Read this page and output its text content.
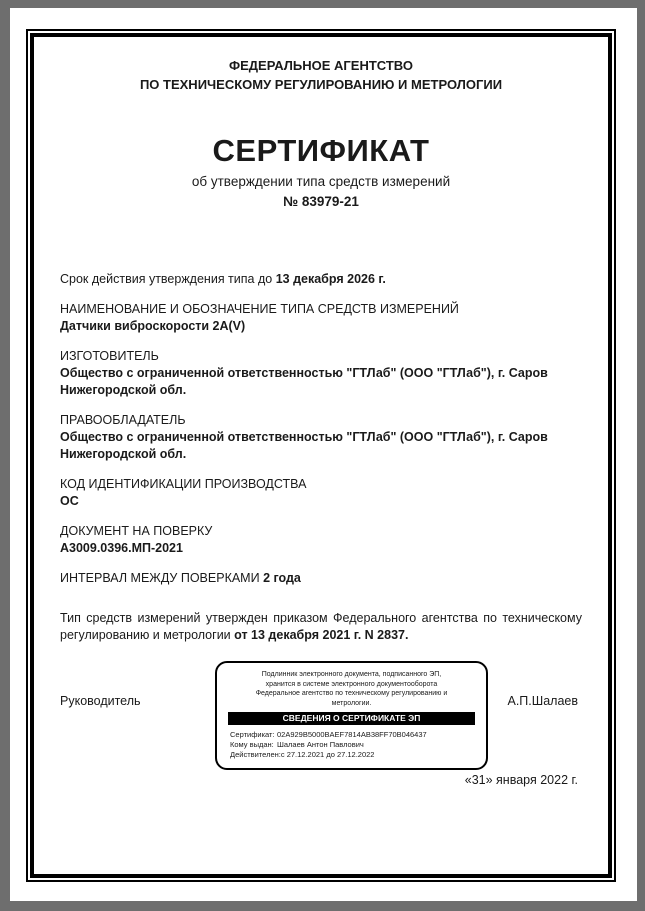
ФЕДЕРАЛЬНОЕ АГЕНТСТВО
ПО ТЕХНИЧЕСКОМУ РЕГУЛИРОВАНИЮ И МЕТРОЛОГИИ
СЕРТИФИКАТ
об утверждении типа средств измерений
№ 83979-21

Срок действия утверждения типа до 13 декабря 2026 г.

НАИМЕНОВАНИЕ И ОБОЗНАЧЕНИЕ ТИПА СРЕДСТВ ИЗМЕРЕНИЙ
Датчики виброскорости 2А(V)
ИЗГОТОВИТЕЛЬ
Общество с ограниченной ответственностью "ГТЛаб" (ООО "ГТЛаб"), г. Саров Нижегородской обл.
ПРАВООБЛАДАТЕЛЬ
Общество с ограниченной ответственностью "ГТЛаб" (ООО "ГТЛаб"), г. Саров Нижегородской обл.
КОД ИДЕНТИФИКАЦИИ ПРОИЗВОДСТВА
ОС
ДОКУМЕНТ НА ПОВЕРКУ
А3009.0396.МП-2021
ИНТЕРВАЛ МЕЖДУ ПОВЕРКАМИ 2 года

Тип средств измерений утвержден приказом Федерального агентства по техническому регулированию и метрологии от 13 декабря 2021 г. N 2837.

Руководитель
Подлинник электронного документа, подписанного ЭП,
хранится в системе электронного документооборота
Федеральное агентство по техническому регулированию и
метрологии.
СВЕДЕНИЯ О СЕРТИФИКАТЕ ЭП
Сертификат: 02A929B5000BAEF7814AB38FF70B046437
Кому выдан: Шалаев Антон Павлович
Действителен:с 27.12.2021 до 27.12.2022
А.П.Шалаев
«31» января 2022 г.
